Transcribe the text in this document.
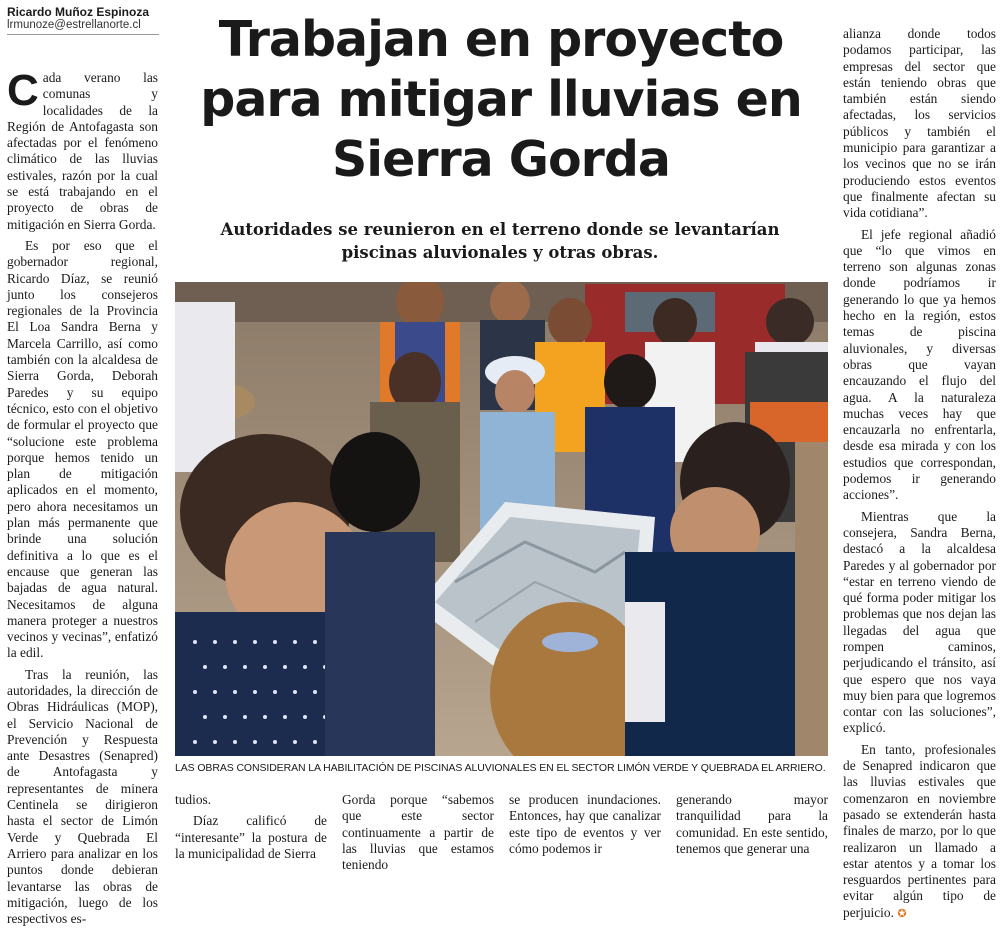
Ricardo Muñoz Espinoza
lrmunoze@estrellanorte.cl	Trabajan en proyecto para mitigar lluvias en Sierra Gorda
Autoridades se reunieron en el terreno donde se levantarían piscinas aluvionales y otras obras.

Cada verano las comunas y localidades de la Región de Antofagasta son afectadas por el fenómeno climático de las lluvias estivales, razón por la cual se está trabajando en el proyecto de obras de mitigación en Sierra Gorda.

Es por eso que el gobernador regional, Ricardo Díaz, se reunió junto los consejeros regionales de la Provincia El Loa Sandra Berna y Marcela Carrillo, así como también con la alcaldesa de Sierra Gorda, Deborah Paredes y su equipo técnico, esto con el objetivo de formular el proyecto que “solucione este problema porque hemos tenido un plan de mitigación aplicados en el momento, pero ahora necesitamos un plan más permanente que brinde una solución definitiva a lo que es el encause que generan las bajadas de agua natural. Necesitamos de alguna manera proteger a nuestros vecinos y vecinas”, enfatizó la edil.

Tras la reunión, las autoridades, la dirección de Obras Hidráulicas (MOP), el Servicio Nacional de Prevención y Respuesta ante Desastres (Senapred) de Antofagasta y representantes de minera Centinela se dirigieron hasta el sector de Limón Verde y Quebrada El Arriero para analizar en los puntos donde debieran levantarse las obras de mitigación, luego de los respectivos es-

LAS OBRAS CONSIDERAN LA HABILITACIÓN DE PISCINAS ALUVIONALES EN EL SECTOR LIMÓN VERDE Y QUEBRADA EL ARRIERO.

tudios.

Díaz calificó de “interesante” la postura de la municipalidad de Sierra

Gorda porque “sabemos que este sector continuamente a partir de las lluvias que estamos teniendo

se producen inundaciones. Entonces, hay que canalizar este tipo de eventos y ver cómo podemos ir

generando mayor tranquilidad para la comunidad. En este sentido, tenemos que generar una

alianza donde todos podamos participar, las empresas del sector que están teniendo obras que también están siendo afectadas, los servicios públicos y también el municipio para garantizar a los vecinos que no se irán produciendo estos eventos que finalmente afectan su vida cotidiana”.

El jefe regional añadió que “lo que vimos en terreno son algunas zonas donde podríamos ir generando lo que ya hemos hecho en la región, estos temas de piscina aluvionales, y diversas obras que vayan encauzando el flujo del agua. A la naturaleza muchas veces hay que encauzarla no enfrentarla, desde esa mirada y con los estudios que correspondan, podemos ir generando acciones”.

Mientras que la consejera, Sandra Berna, destacó a la alcaldesa Paredes y al gobernador por “estar en terreno viendo de qué forma poder mitigar los problemas que nos dejan las llegadas del agua que rompen caminos, perjudicando el tránsito, así que espero que nos vaya muy bien para que logremos contar con las soluciones”, explicó.

En tanto, profesionales de Senapred indicaron que las lluvias estivales que comenzaron en noviembre pasado se extenderán hasta finales de marzo, por lo que realizaron un llamado a estar atentos y a tomar los resguardos pertinentes para evitar algún tipo de perjuicio. ✪
